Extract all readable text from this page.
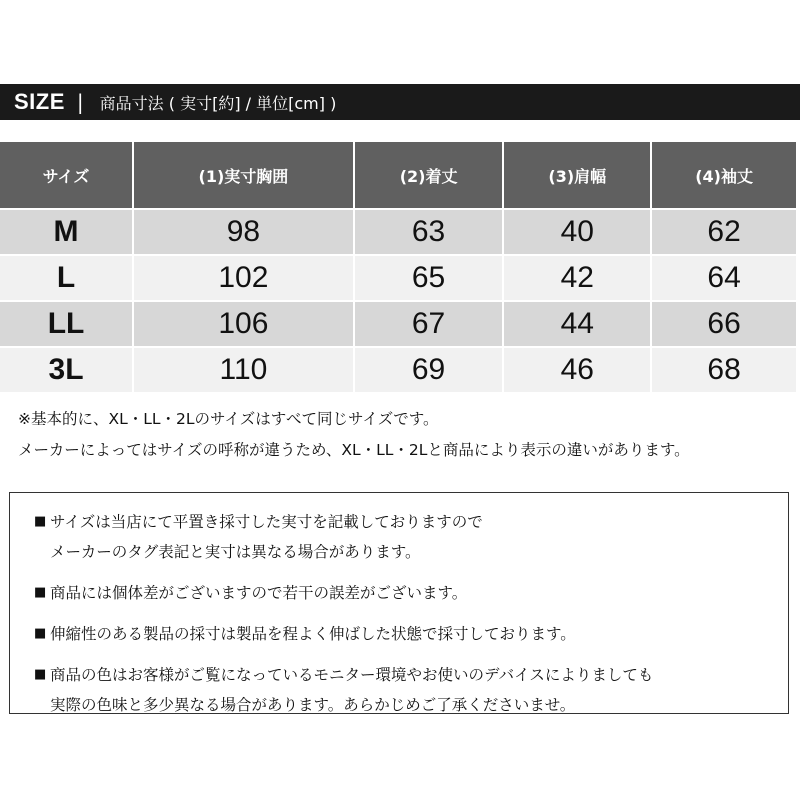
SIZE | 商品寸法 ( 実寸[約] / 単位[cm] )
サイズ	(1)実寸胸囲	(2)着丈	(3)肩幅	(4)袖丈
M	98	63	40	62
L	102	65	42	64
LL	106	67	44	66
3L	110	69	46	68
※基本的に、XL・LL・2Lのサイズはすべて同じサイズです。
メーカーによってはサイズの呼称が違うため、XL・LL・2Lと商品により表示の違いがあります。
■ サイズは当店にて平置き採寸した実寸を記載しておりますので
メーカーのタグ表記と実寸は異なる場合があります。
■ 商品には個体差がございますので若干の誤差がございます。
■ 伸縮性のある製品の採寸は製品を程よく伸ばした状態で採寸しております。
■ 商品の色はお客様がご覧になっているモニター環境やお使いのデバイスによりましても
実際の色味と多少異なる場合があります。あらかじめご了承くださいませ。
